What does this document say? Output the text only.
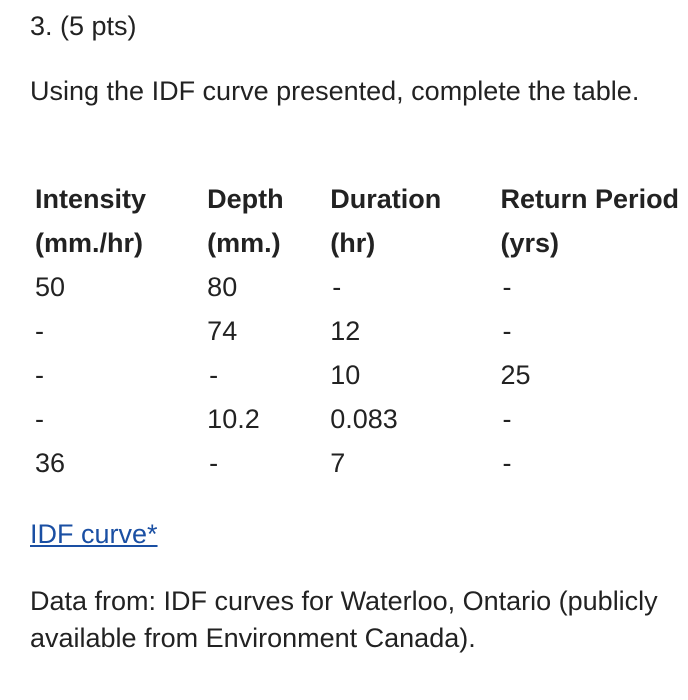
3. (5 pts)
Using the IDF curve presented, complete the table.
Intensity	Depth	Duration	Return Period
(mm./hr)	(mm.)	(hr)	(yrs)
50	80	-	-
-	74	12	-
-	-	10	25
-	10.2	0.083	-
36	-	7	-
IDF curve*
Data from: IDF curves for Waterloo, Ontario (publicly available from Environment Canada).
